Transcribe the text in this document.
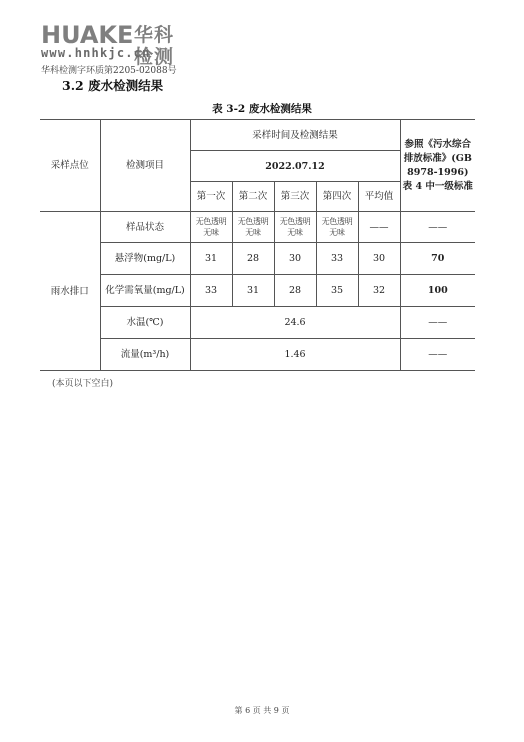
HUAKE 华科检测
www.hnhkjc.cn
华科检测字环质第2205-02088号
3.2 废水检测结果
表 3-2 废水检测结果
采样点位	检测项目	采样时间及检测结果					参照《污水综合排放标准》(GB 8978-1996)表 4 中一级标准
		2022.07.12					
		第一次	第二次	第三次	第四次	平均值	
雨水排口	样品状态	无色透明无味	无色透明无味	无色透明无味	无色透明无味	——	——
	悬浮物(mg/L)	31	28	30	33	30	70
	化学需氧量(mg/L)	33	31	28	35	32	100
	水温(℃)	24.6					——
	流量(m³/h)	1.46					——
(本页以下空白)
第 6 页 共 9 页
